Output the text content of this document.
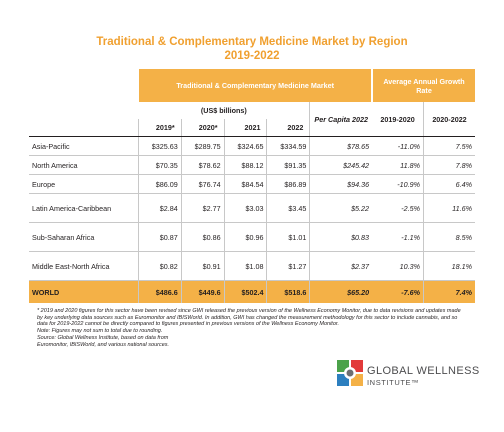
Traditional & Complementary Medicine Market by Region
2019-2022
	Traditional & Complementary Medicine Market					Average Annual Growth Rate	
	(US$ billions)				Per Capita 2022	2019-2020	2020-2022
	2019*	2020*	2021	2022			
Asia-Pacific	$325.63	$289.75	$324.65	$334.59	$78.65	-11.0%	7.5%
North America	$70.35	$78.62	$88.12	$91.35	$245.42	11.8%	7.8%
Europe	$86.09	$76.74	$84.54	$86.89	$94.36	-10.9%	6.4%
Latin America-Caribbean	$2.84	$2.77	$3.03	$3.45	$5.22	-2.5%	11.6%
Sub-Saharan Africa	$0.87	$0.86	$0.96	$1.01	$0.83	-1.1%	8.5%
Middle East-North Africa	$0.82	$0.91	$1.08	$1.27	$2.37	10.3%	18.1%
WORLD	$486.6	$449.6	$502.4	$518.6	$65.20	-7.6%	7.4%
* 2019 and 2020 figures for this sector have been revised since GWI released the previous version of the Wellness Economy Monitor, due to data revisions and updates made by key underlying data sources such as Euromonitor and IBISWorld. In addition, GWI has changed the measurement methodology for this sector to include cannabis, and so data for 2019-2022 cannot be directly compared to figures presented in previous versions of the Wellness Economy Monitor.
Note: Figures may not sum to total due to rounding.
Source: Global Wellness Institute, based on data from
Euromonitor, IBISWorld, and various national sources.
GLOBAL WELLNESS
INSTITUTE™
